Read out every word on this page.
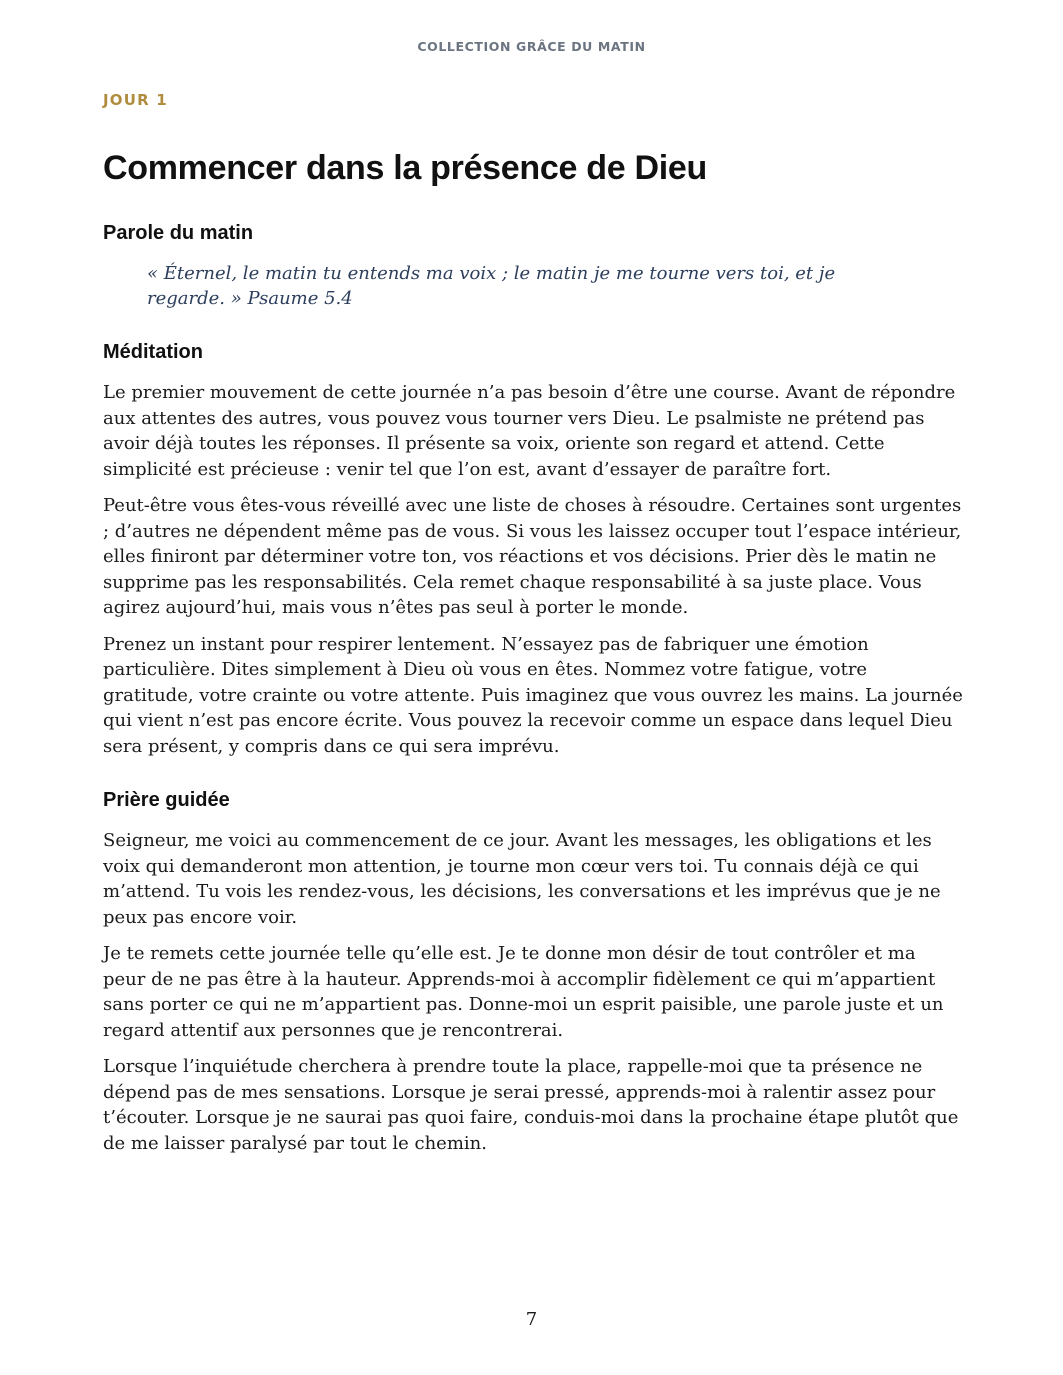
COLLECTION GRÂCE DU MATIN
JOUR 1
Commencer dans la présence de Dieu
Parole du matin

« Éternel, le matin tu entends ma voix ; le matin je me tourne vers toi, et je regarde. » Psaume 5.4

Méditation

Le premier mouvement de cette journée n’a pas besoin d’être une course. Avant de répondre aux attentes des autres, vous pouvez vous tourner vers Dieu. Le psalmiste ne prétend pas avoir déjà toutes les réponses. Il présente sa voix, oriente son regard et attend. Cette simplicité est précieuse : venir tel que l’on est, avant d’essayer de paraître fort.

Peut-être vous êtes-vous réveillé avec une liste de choses à résoudre. Certaines sont urgentes ; d’autres ne dépendent même pas de vous. Si vous les laissez occuper tout l’espace intérieur, elles finiront par déterminer votre ton, vos réactions et vos décisions. Prier dès le matin ne supprime pas les responsabilités. Cela remet chaque responsabilité à sa juste place. Vous agirez aujourd’hui, mais vous n’êtes pas seul à porter le monde.

Prenez un instant pour respirer lentement. N’essayez pas de fabriquer une émotion particulière. Dites simplement à Dieu où vous en êtes. Nommez votre fatigue, votre gratitude, votre crainte ou votre attente. Puis imaginez que vous ouvrez les mains. La journée qui vient n’est pas encore écrite. Vous pouvez la recevoir comme un espace dans lequel Dieu sera présent, y compris dans ce qui sera imprévu.

Prière guidée

Seigneur, me voici au commencement de ce jour. Avant les messages, les obligations et les voix qui demanderont mon attention, je tourne mon cœur vers toi. Tu connais déjà ce qui m’attend. Tu vois les rendez-vous, les décisions, les conversations et les imprévus que je ne peux pas encore voir.

Je te remets cette journée telle qu’elle est. Je te donne mon désir de tout contrôler et ma peur de ne pas être à la hauteur. Apprends-moi à accomplir fidèlement ce qui m’appartient sans porter ce qui ne m’appartient pas. Donne-moi un esprit paisible, une parole juste et un regard attentif aux personnes que je rencontrerai.

Lorsque l’inquiétude cherchera à prendre toute la place, rappelle-moi que ta présence ne dépend pas de mes sensations. Lorsque je serai pressé, apprends-moi à ralentir assez pour t’écouter. Lorsque je ne saurai pas quoi faire, conduis-moi dans la prochaine étape plutôt que de me laisser paralysé par tout le chemin.

7
